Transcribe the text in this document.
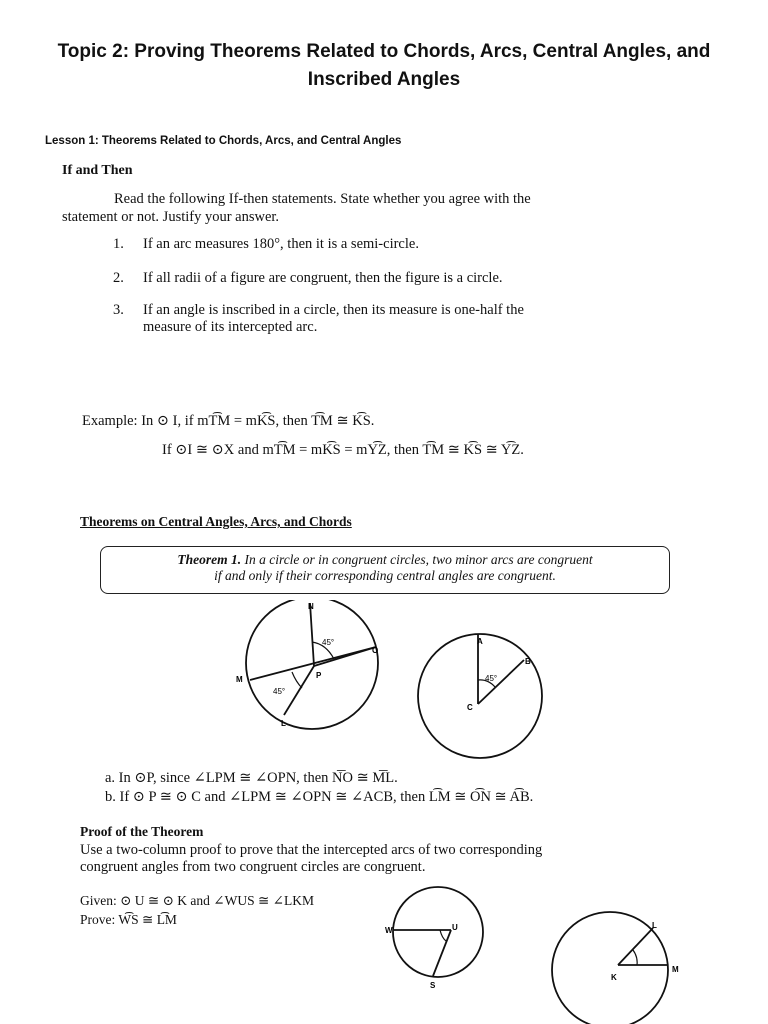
Topic 2: Proving Theorems Related to Chords, Arcs, Central Angles, and
Inscribed Angles
Lesson 1: Theorems Related to Chords, Arcs, and Central Angles
If and Then
Read the following If-then statements. State whether you agree with the
statement or not. Justify your answer.
1. If an arc measures 180°, then it is a semi-circle.
2. If all radii of a figure are congruent, then the figure is a circle.
3. If an angle is inscribed in a circle, then its measure is one-half the
measure of its intercepted arc.
Example: In ⊙ I, if mT͡M = mK͡S, then T͡M ≅ K͡S.
If ⊙I ≅ ⊙X and mT͡M = mK͡S = mY͡Z, then T͡M ≅ K͡S ≅ Y͡Z.
Theorems on Central Angles, Arcs, and Chords
Theorem 1. In a circle or in congruent circles, two minor arcs are congruent
if and only if their corresponding central angles are congruent.
N
O
M	P
L
45°
45°
A
B
C
45°
a. In ⊙P, since ∠LPM ≅ ∠OPN, then N͞O ≅ M͞L.
b. If ⊙ P ≅ ⊙ C and ∠LPM ≅ ∠OPN ≅ ∠ACB, then L͡M ≅ O͡N ≅ A͡B.
Proof of the Theorem
Use a two-column proof to prove that the intercepted arcs of two corresponding
congruent angles from two congruent circles are congruent.
Given: ⊙ U ≅ ⊙ K and ∠WUS ≅ ∠LKM
Prove: W͡S ≅ L͡M
W	U
S
L
K
M
